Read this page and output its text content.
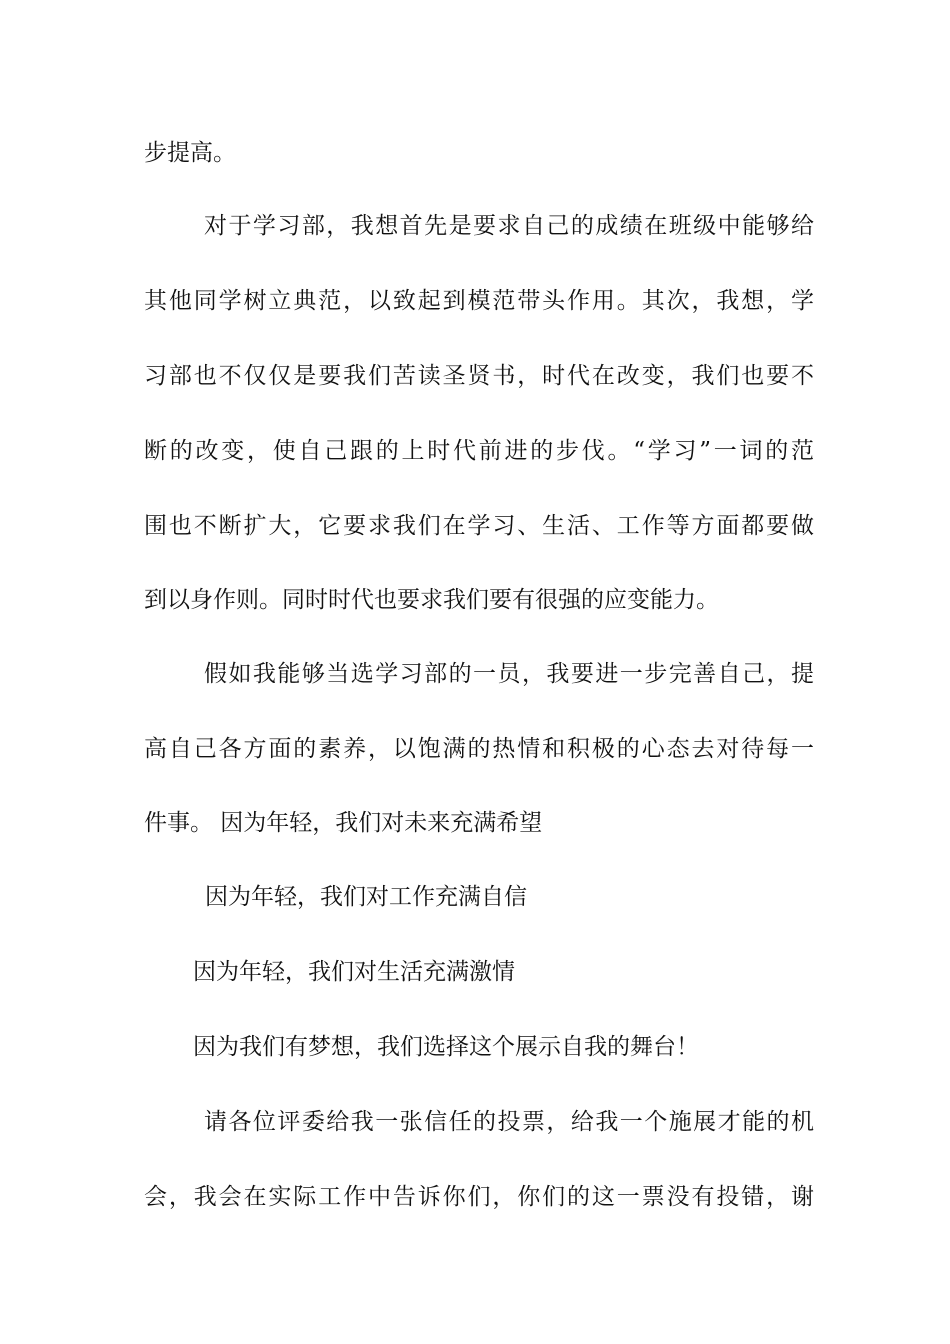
步提高。

对于学习部，我想首先是要求自己的成绩在班级中能够给

其他同学树立典范，以致起到模范带头作用。其次，我想，学

习部也不仅仅是要我们苦读圣贤书，时代在改变，我们也要不

断的改变，使自己跟的上时代前进的步伐。“学习”一词的范

围也不断扩大，它要求我们在学习、生活、工作等方面都要做

到以身作则。同时时代也要求我们要有很强的应变能力。

假如我能够当选学习部的一员，我要进一步完善自己，提

高自己各方面的素养，以饱满的热情和积极的心态去对待每一

件事。 因为年轻，我们对未来充满希望

因为年轻，我们对工作充满自信

因为年轻，我们对生活充满激情

因为我们有梦想，我们选择这个展示自我的舞台！

请各位评委给我一张信任的投票，给我一个施展才能的机

会，我会在实际工作中告诉你们，你们的这一票没有投错，谢
